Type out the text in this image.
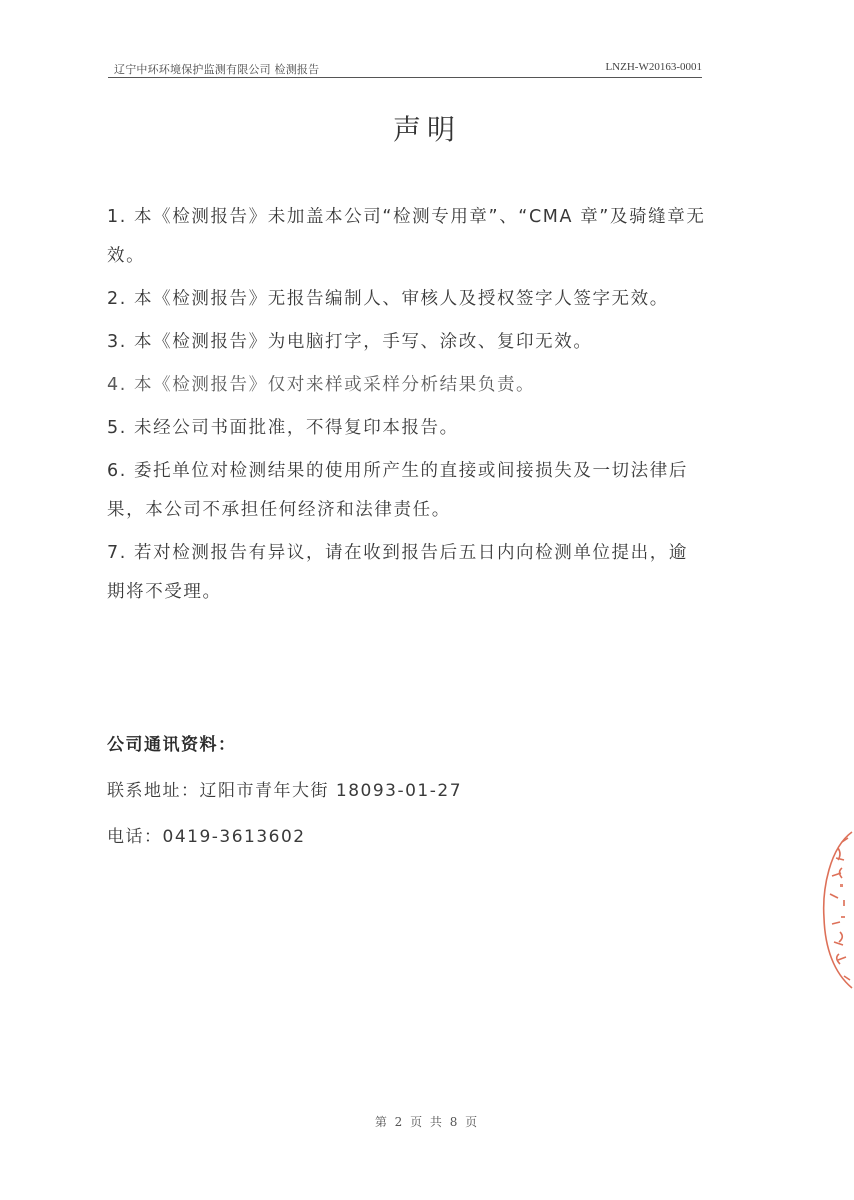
辽宁中环环境保护监测有限公司 检测报告	LNZH-W20163-0001
声明

1. 本《检测报告》未加盖本公司“检测专用章”、“CMA 章”及骑缝章无效。

2. 本《检测报告》无报告编制人、审核人及授权签字人签字无效。

3. 本《检测报告》为电脑打字，手写、涂改、复印无效。

4. 本《检测报告》仅对来样或采样分析结果负责。

5. 未经公司书面批准，不得复印本报告。

6. 委托单位对检测结果的使用所产生的直接或间接损失及一切法律后果，本公司不承担任何经济和法律责任。

7. 若对检测报告有异议，请在收到报告后五日内向检测单位提出，逾期将不受理。

公司通讯资料：
联系地址：辽阳市青年大街 18093-01-27
电话：0419-3613602
第 2 页 共 8 页
